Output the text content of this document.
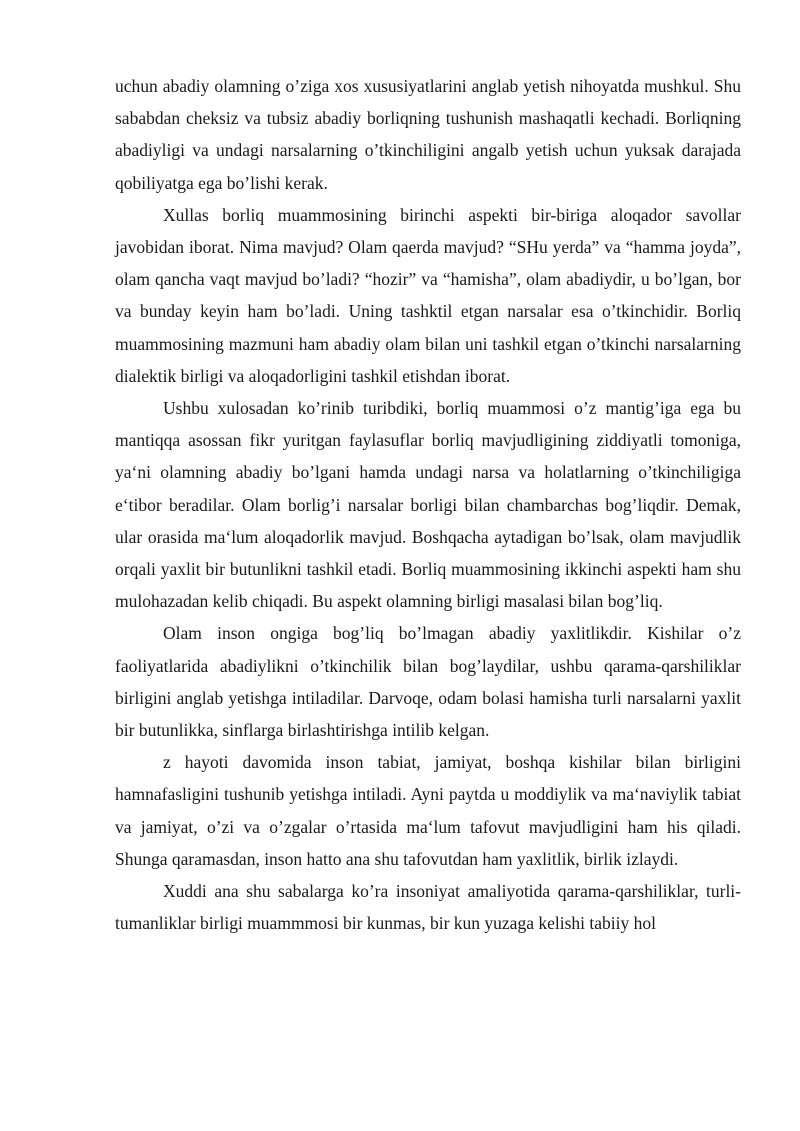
uchun abadiy olamning o’ziga xos xususiyatlarini anglab yetish nihoyatda mushkul. Shu sababdan cheksiz va tubsiz abadiy borliqning tushunish mashaqatli kechadi. Borliqning abadiyligi va undagi narsalarning o’tkinchiligini angalb yetish uchun yuksak darajada qobiliyatga ega bo’lishi kerak.

Xullas borliq muammosining birinchi aspekti bir-biriga aloqador savollar javobidan iborat. Nima mavjud? Olam qaerda mavjud? “SHu yerda” va “hamma joyda”, olam qancha vaqt mavjud bo’ladi? “hozir” va “hamisha”, olam abadiydir, u bo’lgan, bor va bunday keyin ham bo’ladi. Uning tashktil etgan narsalar esa o’tkinchidir. Borliq muammosining mazmuni ham abadiy olam bilan uni tashkil etgan o’tkinchi narsalarning dialektik birligi va aloqadorligini tashkil etishdan iborat.

Ushbu xulosadan ko’rinib turibdiki, borliq muammosi o’z mantig’iga ega bu mantiqqa asossan fikr yuritgan faylasuflar borliq mavjudligining ziddiyatli tomoniga, ya‘ni olamning abadiy bo’lgani hamda undagi narsa va holatlarning o’tkinchiligiga e‘tibor beradilar. Olam borlig’i narsalar borligi bilan chambarchas bog’liqdir. Demak, ular orasida ma‘lum aloqadorlik mavjud. Boshqacha aytadigan bo’lsak, olam mavjudlik orqali yaxlit bir butunlikni tashkil etadi. Borliq muammosining ikkinchi aspekti ham shu mulohazadan kelib chiqadi. Bu aspekt olamning birligi masalasi bilan bog’liq.

Olam inson ongiga bog’liq bo’lmagan abadiy yaxlitlikdir. Kishilar o’z faoliyatlarida abadiylikni o’tkinchilik bilan bog’laydilar, ushbu qarama-qarshiliklar birligini anglab yetishga intiladilar. Darvoqe, odam bolasi hamisha turli narsalarni yaxlit bir butunlikka, sinflarga birlashtirishga intilib kelgan.

z hayoti davomida inson tabiat, jamiyat, boshqa kishilar bilan birligini hamnafasligini tushunib yetishga intiladi. Ayni paytda u moddiylik va ma‘naviylik tabiat va jamiyat, o’zi va o’zgalar o’rtasida ma‘lum tafovut mavjudligini ham his qiladi. Shunga qaramasdan, inson hatto ana shu tafovutdan ham yaxlitlik, birlik izlaydi.

Xuddi ana shu sabalarga ko’ra insoniyat amaliyotida qarama-qarshiliklar, turli-tumanliklar birligi muammmosi bir kunmas, bir kun yuzaga kelishi tabiiy hol
